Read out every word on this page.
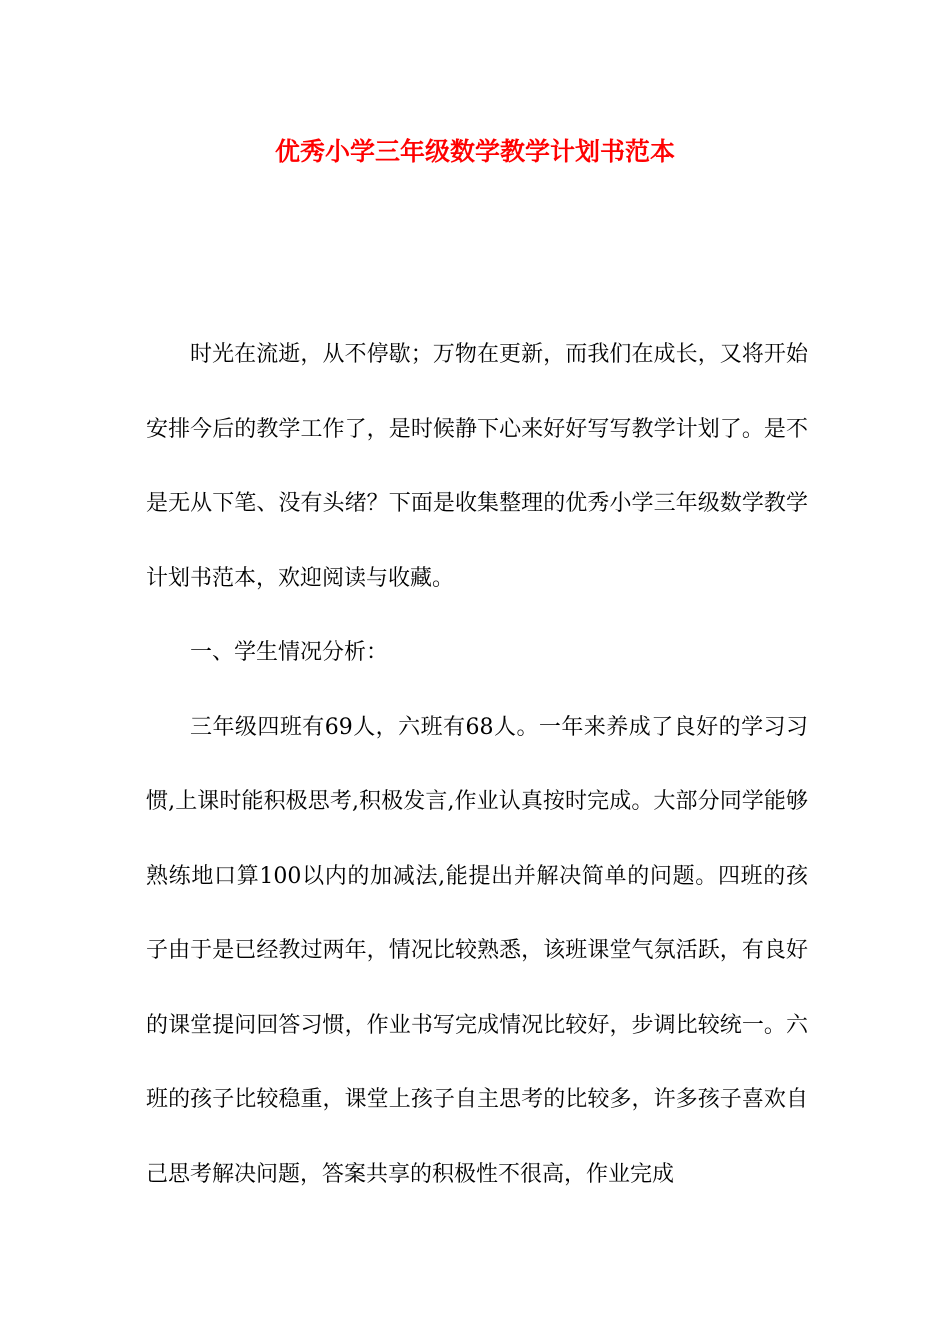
优秀小学三年级数学教学计划书范本

时光在流逝，从不停歇；万物在更新，而我们在成长，又将开始安排今后的教学工作了，是时候静下心来好好写写教学计划了。是不是无从下笔、没有头绪？下面是收集整理的优秀小学三年级数学教学计划书范本，欢迎阅读与收藏。

一、学生情况分析：

三年级四班有69人，六班有68人。一年来养成了良好的学习习惯,上课时能积极思考,积极发言,作业认真按时完成。大部分同学能够熟练地口算100以内的加减法,能提出并解决简单的问题。四班的孩子由于是已经教过两年，情况比较熟悉，该班课堂气氛活跃，有良好的课堂提问回答习惯，作业书写完成情况比较好，步调比较统一。六班的孩子比较稳重，课堂上孩子自主思考的比较多，许多孩子喜欢自己思考解决问题，答案共享的积极性不很高，作业完成
